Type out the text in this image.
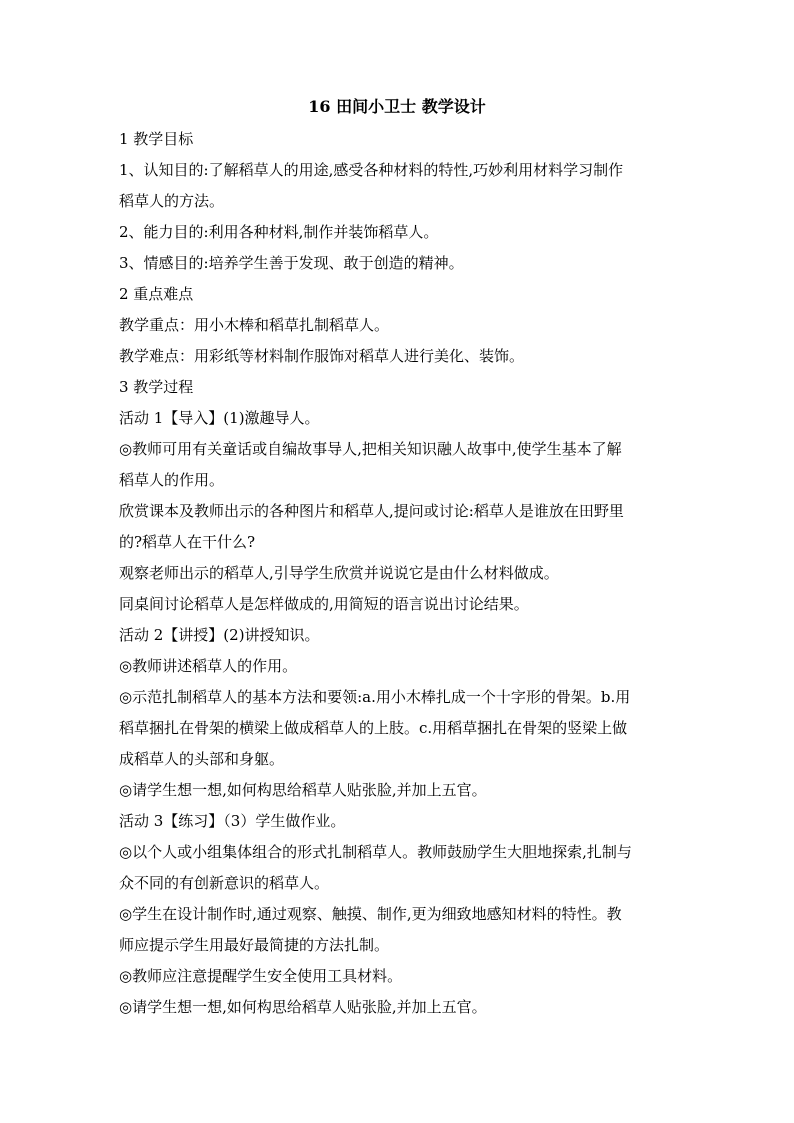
16 田间小卫士 教学设计
1 教学目标
1、认知目的:了解稻草人的用途,感受各种材料的特性,巧妙利用材料学习制作
稻草人的方法。
2、能力目的:利用各种材料,制作并装饰稻草人。
3、情感目的:培养学生善于发现、敢于创造的精神。
2 重点难点
教学重点：用小木棒和稻草扎制稻草人。
教学难点：用彩纸等材料制作服饰对稻草人进行美化、装饰。
3 教学过程
活动 1【导入】(1)激趣导人。
◎教师可用有关童话或自编故事导人,把相关知识融人故事中,使学生基本了解
稻草人的作用。
欣赏课本及教师出示的各种图片和稻草人,提问或讨论:稻草人是谁放在田野里
的?稻草人在干什么?
观察老师出示的稻草人,引导学生欣赏并说说它是由什么材料做成。
同桌间讨论稻草人是怎样做成的,用简短的语言说出讨论结果。
活动 2【讲授】(2)讲授知识。
◎教师讲述稻草人的作用。
◎示范扎制稻草人的基本方法和要领:a.用小木棒扎成一个十字形的骨架。b.用
稻草捆扎在骨架的横梁上做成稻草人的上肢。c.用稻草捆扎在骨架的竖梁上做
成稻草人的头部和身躯。
◎请学生想一想,如何构思给稻草人贴张脸,并加上五官。
活动 3【练习】（3）学生做作业。
◎以个人或小组集体组合的形式扎制稻草人。教师鼓励学生大胆地探索,扎制与
众不同的有创新意识的稻草人。
◎学生在设计制作时,通过观察、触摸、制作,更为细致地感知材料的特性。教
师应提示学生用最好最简捷的方法扎制。
◎教师应注意提醒学生安全使用工具材料。
◎请学生想一想,如何构思给稻草人贴张脸,并加上五官。
